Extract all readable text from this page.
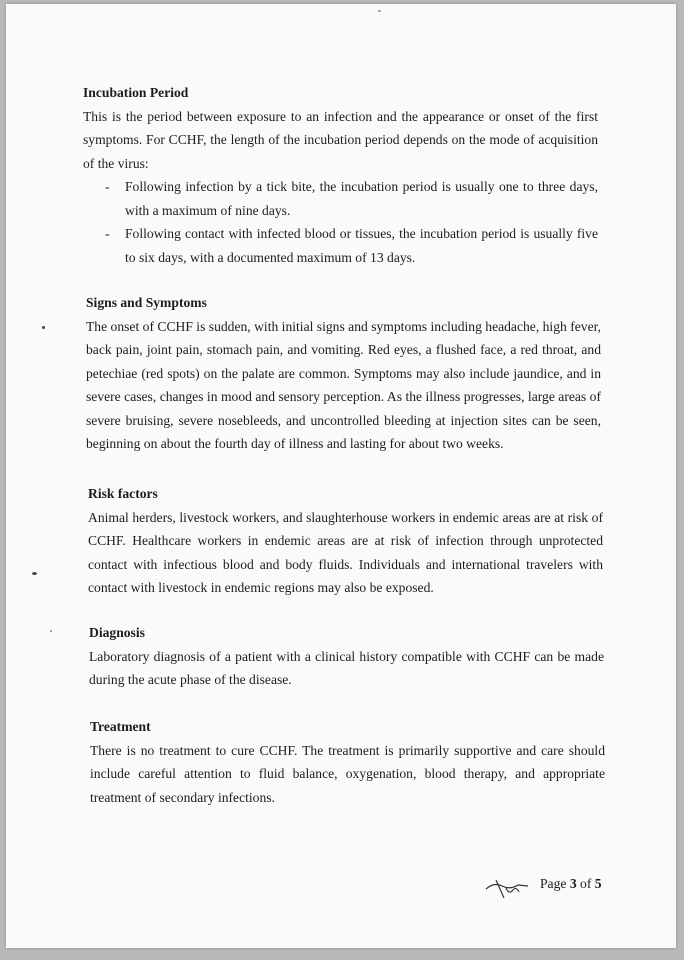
Incubation Period

This is the period between exposure to an infection and the appearance or onset of the first symptoms. For CCHF, the length of the incubation period depends on the mode of acquisition of the virus:

- Following infection by a tick bite, the incubation period is usually one to three days, with a maximum of nine days.
- Following contact with infected blood or tissues, the incubation period is usually five to six days, with a documented maximum of 13 days.
Signs and Symptoms

The onset of CCHF is sudden, with initial signs and symptoms including headache, high fever, back pain, joint pain, stomach pain, and vomiting. Red eyes, a flushed face, a red throat, and petechiae (red spots) on the palate are common. Symptoms may also include jaundice, and in severe cases, changes in mood and sensory perception. As the illness progresses, large areas of severe bruising, severe nosebleeds, and uncontrolled bleeding at injection sites can be seen, beginning on about the fourth day of illness and lasting for about two weeks.

Risk factors

Animal herders, livestock workers, and slaughterhouse workers in endemic areas are at risk of CCHF. Healthcare workers in endemic areas are at risk of infection through unprotected contact with infectious blood and body fluids. Individuals and international travelers with contact with livestock in endemic regions may also be exposed.

Diagnosis

Laboratory diagnosis of a patient with a clinical history compatible with CCHF can be made during the acute phase of the disease.

Treatment

There is no treatment to cure CCHF. The treatment is primarily supportive and care should include careful attention to fluid balance, oxygenation, blood therapy, and appropriate treatment of secondary infections.

Page 3 of 5
